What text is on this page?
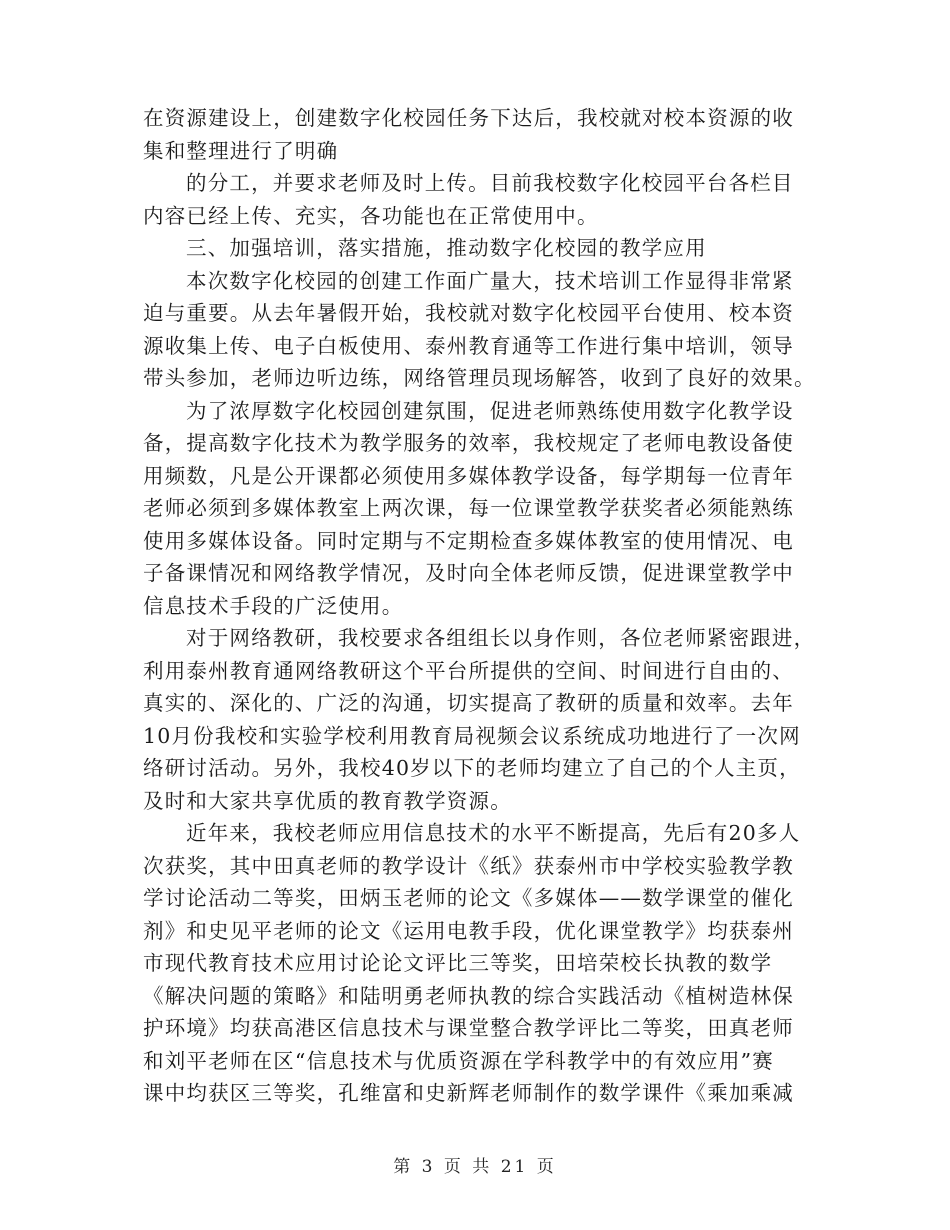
在资源建设上，创建数字化校园任务下达后，我校就对校本资源的收
集和整理进行了明确
的分工，并要求老师及时上传。目前我校数字化校园平台各栏目
内容已经上传、充实，各功能也在正常使用中。
三、加强培训，落实措施，推动数字化校园的教学应用
本次数字化校园的创建工作面广量大，技术培训工作显得非常紧
迫与重要。从去年暑假开始，我校就对数字化校园平台使用、校本资
源收集上传、电子白板使用、泰州教育通等工作进行集中培训，领导
带头参加，老师边听边练，网络管理员现场解答，收到了良好的效果。
为了浓厚数字化校园创建氛围，促进老师熟练使用数字化教学设
备，提高数字化技术为教学服务的效率，我校规定了老师电教设备使
用频数，凡是公开课都必须使用多媒体教学设备，每学期每一位青年
老师必须到多媒体教室上两次课，每一位课堂教学获奖者必须能熟练
使用多媒体设备。同时定期与不定期检查多媒体教室的使用情况、电
子备课情况和网络教学情况，及时向全体老师反馈，促进课堂教学中
信息技术手段的广泛使用。
对于网络教研，我校要求各组组长以身作则，各位老师紧密跟进，
利用泰州教育通网络教研这个平台所提供的空间、时间进行自由的、
真实的、深化的、广泛的沟通，切实提高了教研的质量和效率。去年
10月份我校和实验学校利用教育局视频会议系统成功地进行了一次网
络研讨活动。另外，我校40岁以下的老师均建立了自己的个人主页，
及时和大家共享优质的教育教学资源。
近年来，我校老师应用信息技术的水平不断提高，先后有20多人
次获奖，其中田真老师的教学设计《纸》获泰州市中学校实验教学教
学讨论活动二等奖，田炳玉老师的论文《多媒体——数学课堂的催化
剂》和史见平老师的论文《运用电教手段，优化课堂教学》均获泰州
市现代教育技术应用讨论论文评比三等奖，田培荣校长执教的数学
《解决问题的策略》和陆明勇老师执教的综合实践活动《植树造林保
护环境》均获高港区信息技术与课堂整合教学评比二等奖，田真老师
和刘平老师在区“信息技术与优质资源在学科教学中的有效应用”赛
课中均获区三等奖，孔维富和史新辉老师制作的数学课件《乘加乘减
第 3 页 共 21 页
